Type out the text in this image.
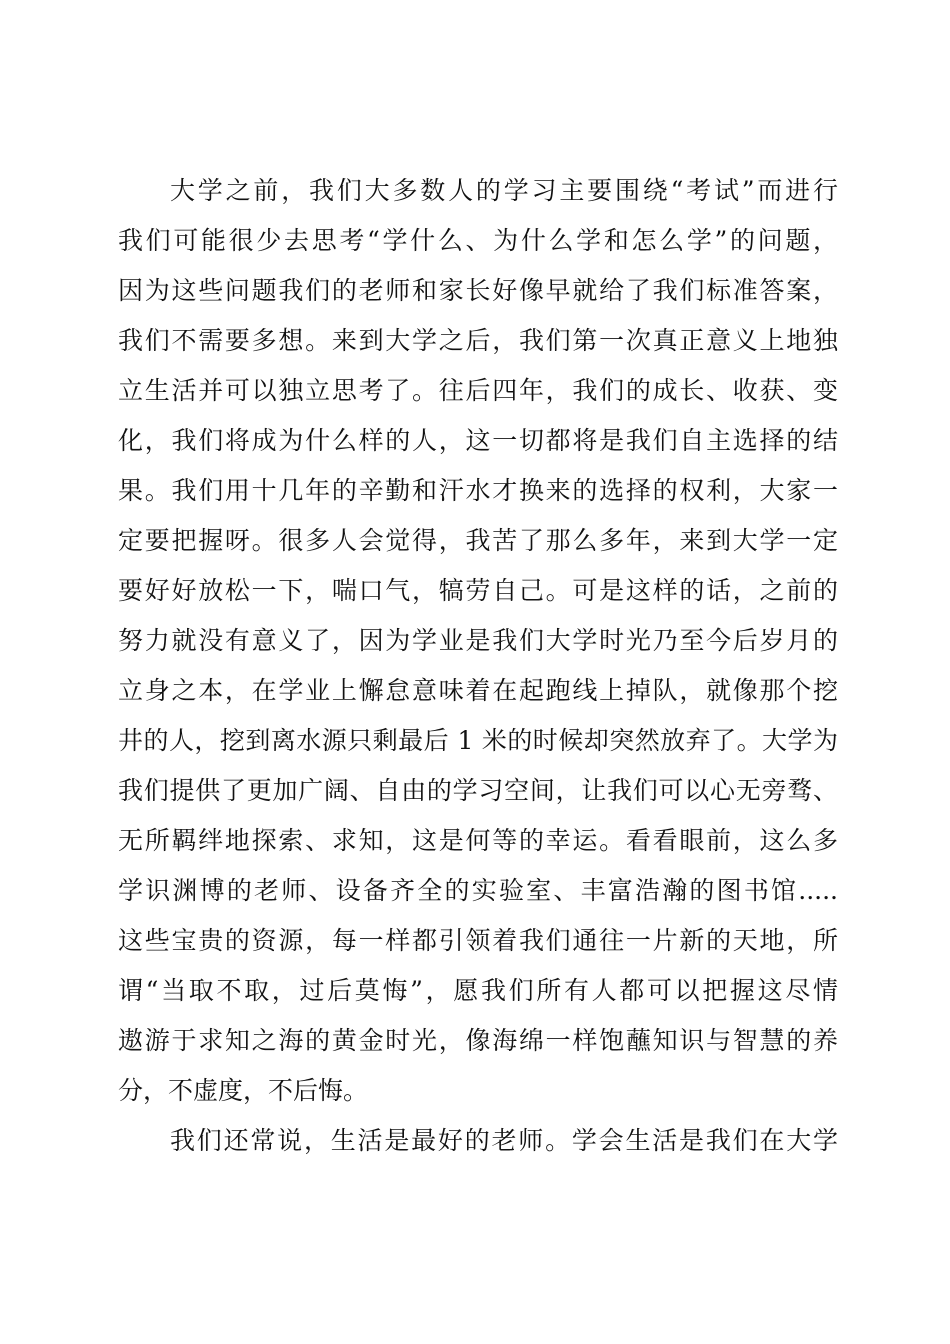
大学之前，我们大多数人的学习主要围绕“考试”而进行
我们可能很少去思考“学什么、为什么学和怎么学”的问题，
因为这些问题我们的老师和家长好像早就给了我们标准答案，
我们不需要多想。来到大学之后，我们第一次真正意义上地独
立生活并可以独立思考了。往后四年，我们的成长、收获、变
化，我们将成为什么样的人，这一切都将是我们自主选择的结
果。我们用十几年的辛勤和汗水才换来的选择的权利，大家一
定要把握呀。很多人会觉得，我苦了那么多年，来到大学一定
要好好放松一下，喘口气，犒劳自己。可是这样的话，之前的
努力就没有意义了，因为学业是我们大学时光乃至今后岁月的
立身之本，在学业上懈怠意味着在起跑线上掉队，就像那个挖
井的人，挖到离水源只剩最后 1 米的时候却突然放弃了。大学为
我们提供了更加广阔、自由的学习空间，让我们可以心无旁骛、
无所羁绊地探索、求知，这是何等的幸运。看看眼前，这么多
学识渊博的老师、设备齐全的实验室、丰富浩瀚的图书馆.....
这些宝贵的资源，每一样都引领着我们通往一片新的天地，所
谓“当取不取，过后莫悔”，愿我们所有人都可以把握这尽情
遨游于求知之海的黄金时光，像海绵一样饱蘸知识与智慧的养
分，不虚度，不后悔。
我们还常说，生活是最好的老师。学会生活是我们在大学
